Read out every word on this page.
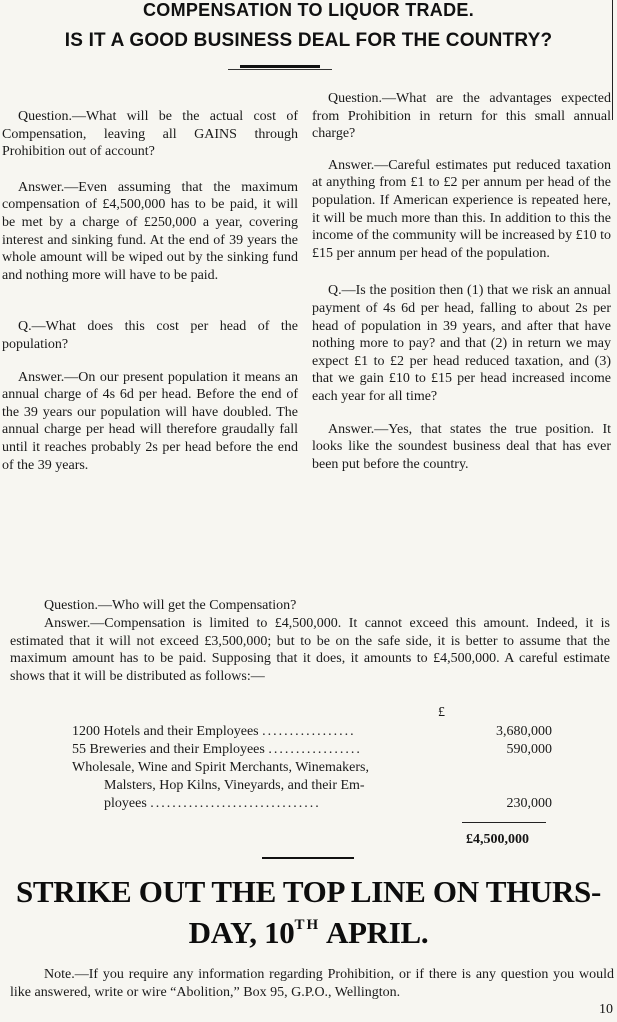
COMPENSATION TO LIQUOR TRADE.
IS IT A GOOD BUSINESS DEAL FOR THE COUNTRY?

Question.—What will be the actual cost of Compensation, leaving all GAINS through Prohibition out of account?

Answer.—Even assuming that the maximum compensation of £4,500,000 has to be paid, it will be met by a charge of £250,000 a year, covering interest and sinking fund. At the end of 39 years the whole amount will be wiped out by the sinking fund and nothing more will have to be paid.

Q.—What does this cost per head of the population?

Answer.—On our present population it means an annual charge of 4s 6d per head. Before the end of the 39 years our population will have doubled. The annual charge per head will therefore graudally fall until it reaches probably 2s per head before the end of the 39 years.

Question.—What are the advantages expected from Prohibition in return for this small annual charge?

Answer.—Careful estimates put reduced taxation at anything from £1 to £2 per annum per head of the population. If American experience is repeated here, it will be much more than this. In addition to this the income of the community will be increased by £10 to £15 per annum per head of the population.

Q.—Is the position then (1) that we risk an annual payment of 4s 6d per head, falling to about 2s per head of population in 39 years, and after that have nothing more to pay? and that (2) in return we may expect £1 to £2 per head reduced taxation, and (3) that we gain £10 to £15 per head increased income each year for all time?

Answer.—Yes, that states the true position. It looks like the soundest business deal that has ever been put before the country.

Question.—Who will get the Compensation?

Answer.—Compensation is limited to £4,500,000. It cannot exceed this amount. Indeed, it is estimated that it will not exceed £3,500,000; but to be on the safe side, it is better to assume that the maximum amount has to be paid. Supposing that it does, it amounts to £4,500,000. A careful estimate shows that it will be distributed as follows:—

£
1200 Hotels and their Employees .................	3,680,000
55 Breweries and their Employees .................	590,000
Wholesale, Wine and Spirit Merchants, Winemakers,
Malsters, Hop Kilns, Vineyards, and their Em-
ployees ...............................	230,000
£4,500,000
STRIKE OUT THE TOP LINE ON THURS-
DAY, 10TH APRIL.

Note.—If you require any information regarding Prohibition, or if there is any question you would like answered, write or wire “Abolition,” Box 95, G.P.O., Wellington.

10
